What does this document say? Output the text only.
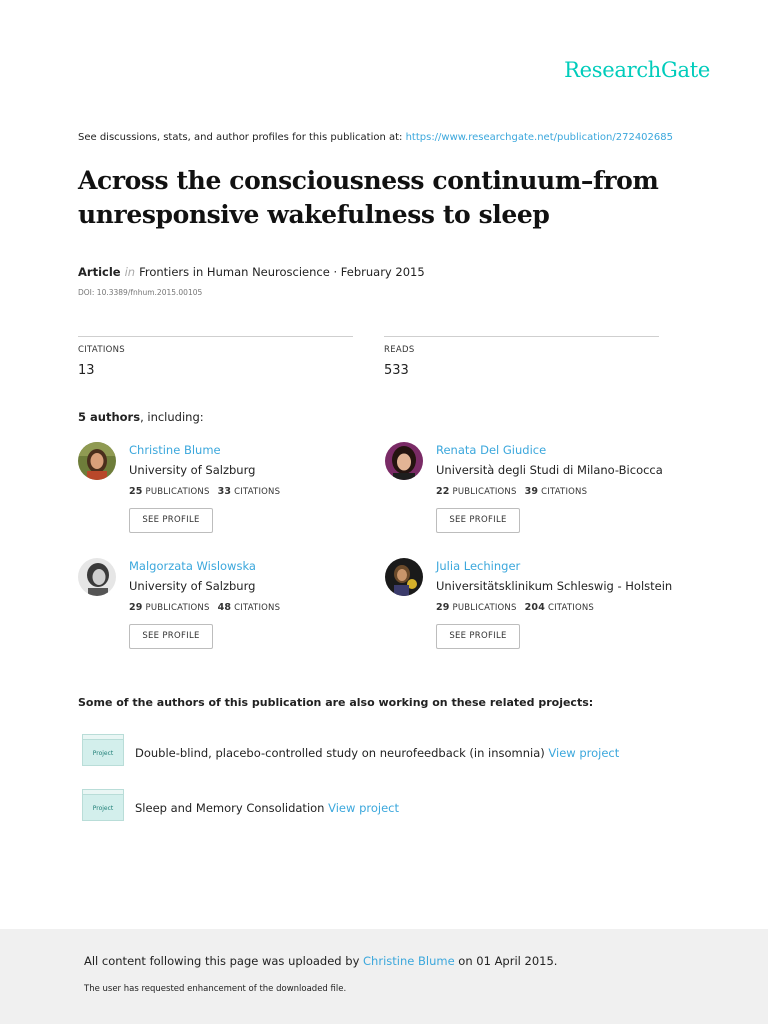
ResearchGate
See discussions, stats, and author profiles for this publication at: https://www.researchgate.net/publication/272402685
Across the consciousness continuum–from unresponsive wakefulness to sleep
Article in Frontiers in Human Neuroscience · February 2015
DOI: 10.3389/fnhum.2015.00105
CITATIONS
13
READS
533
5 authors, including:
Christine Blume
University of Salzburg
25 PUBLICATIONS 33 CITATIONS
SEE PROFILE
Renata Del Giudice
Università degli Studi di Milano-Bicocca
22 PUBLICATIONS 39 CITATIONS
SEE PROFILE
Malgorzata Wislowska
University of Salzburg
29 PUBLICATIONS 48 CITATIONS
SEE PROFILE
Julia Lechinger
Universitätsklinikum Schleswig - Holstein
29 PUBLICATIONS 204 CITATIONS
SEE PROFILE
Some of the authors of this publication are also working on these related projects:
Project	Double-blind, placebo-controlled study on neurofeedback (in insomnia) View project
Project	Sleep and Memory Consolidation View project
All content following this page was uploaded by Christine Blume on 01 April 2015.
The user has requested enhancement of the downloaded file.
